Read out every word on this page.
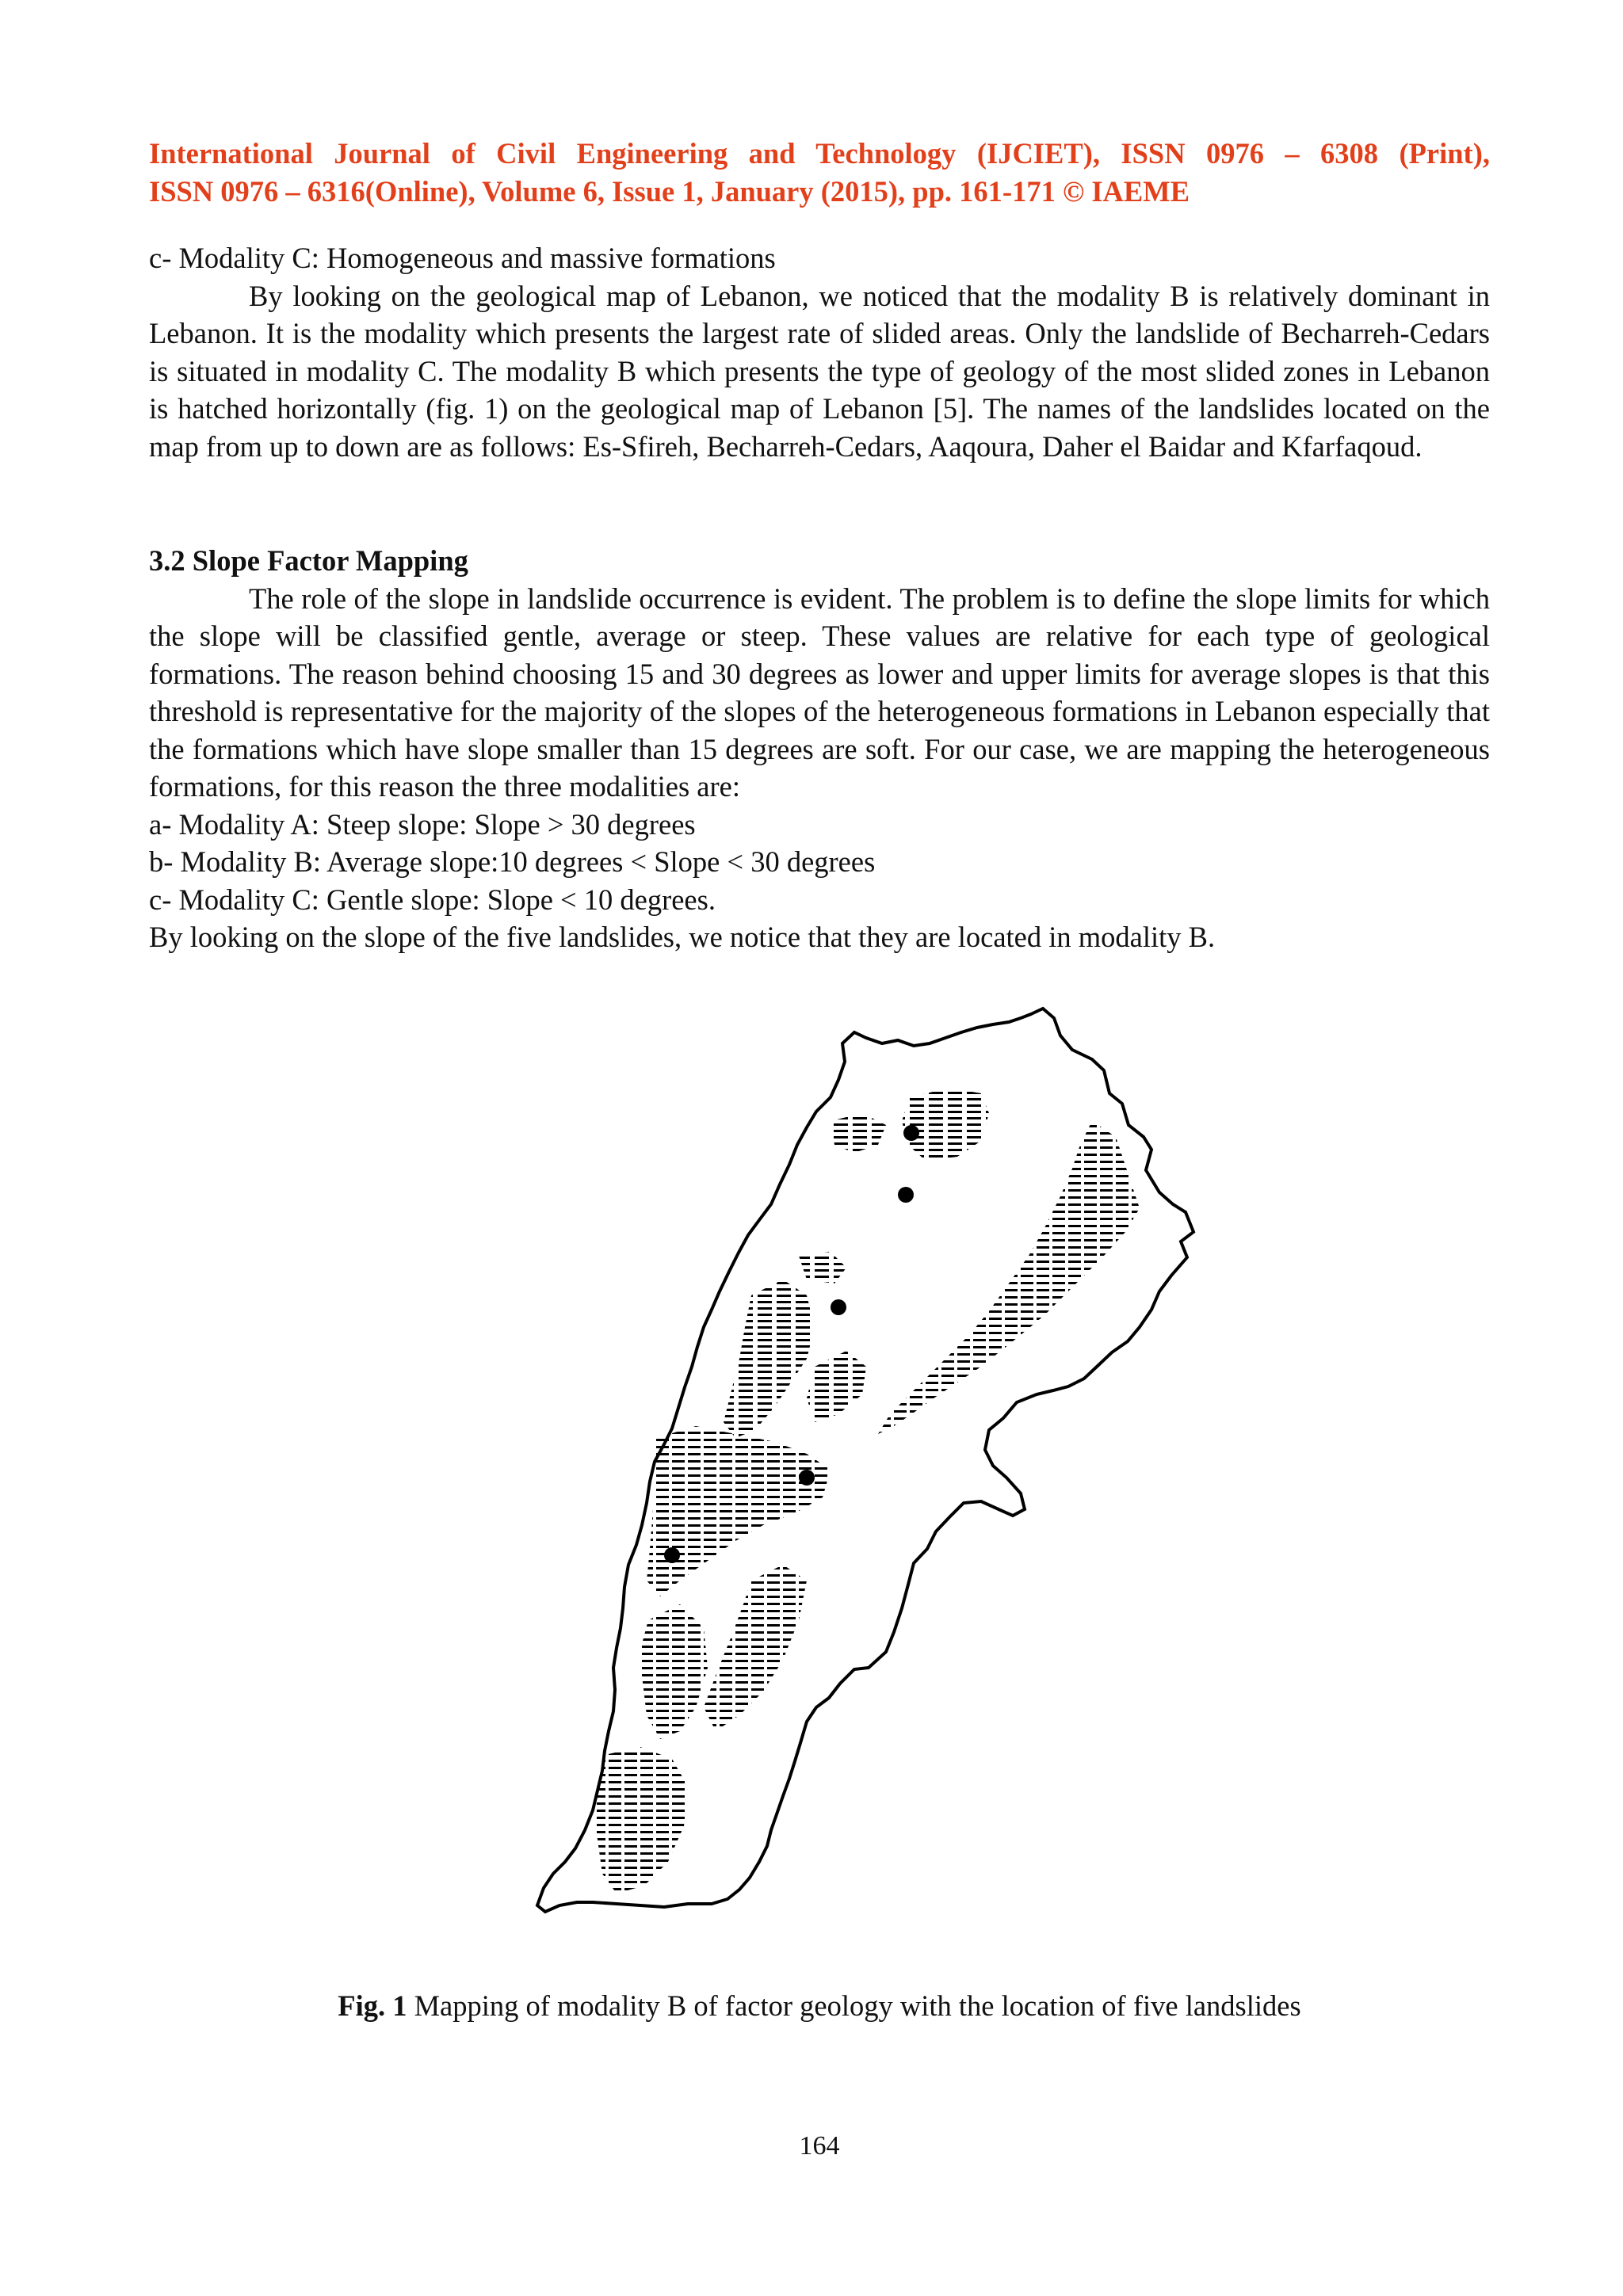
International Journal of Civil Engineering and Technology (IJCIET), ISSN 0976 – 6308 (Print),
ISSN 0976 – 6316(Online), Volume 6, Issue 1, January (2015), pp. 161-171 © IAEME

c- Modality C: Homogeneous and massive formations

By looking on the geological map of Lebanon, we noticed that the modality B is relatively dominant in Lebanon. It is the modality which presents the largest rate of slided areas. Only the landslide of Becharreh-Cedars is situated in modality C. The modality B which presents the type of geology of the most slided zones in Lebanon is hatched horizontally (fig. 1) on the geological map of Lebanon [5]. The names of the landslides located on the map from up to down are as follows: Es-Sfireh, Becharreh-Cedars, Aaqoura, Daher el Baidar and Kfarfaqoud.

3.2 Slope Factor Mapping

The role of the slope in landslide occurrence is evident. The problem is to define the slope limits for which the slope will be classified gentle, average or steep. These values are relative for each type of geological formations. The reason behind choosing 15 and 30 degrees as lower and upper limits for average slopes is that this threshold is representative for the majority of the slopes of the heterogeneous formations in Lebanon especially that the formations which have slope smaller than 15 degrees are soft. For our case, we are mapping the heterogeneous formations, for this reason the three modalities are:

a- Modality A: Steep slope: Slope > 30 degrees

b- Modality B: Average slope:10 degrees < Slope < 30 degrees

c- Modality C: Gentle slope: Slope < 10 degrees.

By looking on the slope of the five landslides, we notice that they are located in modality B.

Fig. 1 Mapping of modality B of factor geology with the location of five landslides
164
